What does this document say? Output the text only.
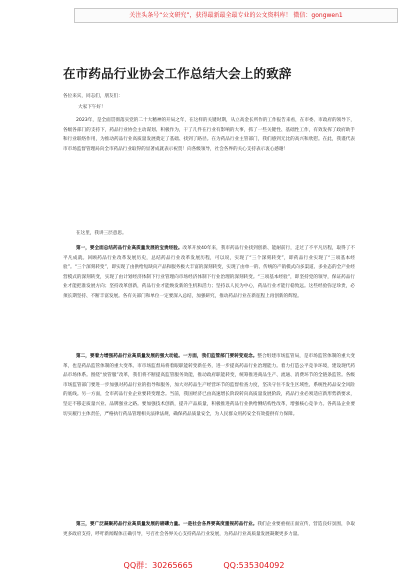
关注头条号“公文研究”，获得最新最全最专业的公文资料库！ 微信：gongwen1
在市药品行业协会工作总结大会上的致辞
各位来宾，同志们，朋友们：
大家下午好！
2023年，是全面贯彻落实党的二十大精神的开局之年，在这样的关键时期，从立高金长所作的工作报告来看，在市委、市政府的领导下，各级各部门的支持下，药品行业协会主动谋划、积极作为，干了几件在行业有影响的大事，抓了一些关键性、基础性工作，有效发挥了政府助手和行业联络作用，为推动药品行业高质量发展奠定了基础、找到了路径。在为药品行业主管部门，我们感到无比的高兴和欣慰。在此，我谨代表市市场监督管理局向全市药品行业取得的显著成就表示祝贺！向各级领导，社会各界的关心支持表示衷心感谢！
在这里，我讲三层意思。
第一，要全面总结药品行业高质量发展的宝贵经验。改革开放40年来，我市药品行业找到创新、能耐前行，走过了不平凡历程，取得了不平凡成就。回顾药品行业改革发展历史，总结药品行业改革发展历程，可以说，实现了“三个深刻转变”，即药品行业实现了“三项基本经验”。“三个深刻转变”，即实现了由供给短缺向产品和服务极大丰富的深刻转变，实现了由单一的、传统的产销模式向多渠道、多业态的全产业经营模式的深刻转变，实现了由计划经济体制下行业管理向市场经济体制下行业治理的深刻转变。“三项基本经验”，即坚持党的领导，保证药品行业才能把准发展方向；坚持改革创新，药品行业才能焕发新的生机和活力；坚持以人民为中心，药品行业才能行稳致远。这些经验弥足珍贵，必须长期坚持、不断丰富发展。各有关部门和单位一定要深入总结，加强研究，推动药品行业在新征程上再创新的辉煌。
第二，要着力增强药品行业高质量发展的强大动能。一方面，我们监管部门要转变观念。整合组建市场监管局，是市场监管体制的重大变革，也是药品监管体制的重大变革。市市场监督局将着眼职能转变新任务，进一步提高药品行业治理能力。着力打造公平竞争环境，建设现代药品市场体系。围绕“放管服”改革，我们将不断提高监管服务效能，推动政府职能转变，统筹推进商品生产、流通、消费环节的全链条监管。各级市场监管部门要进一步加强对药品行业的指导和服务，加大对药品生产经营环节的监督检查力度，坚决守住不发生区域性、系统性药品安全风险的底线。另一方面，全市药品行业企业要转变理念。当前，我国经济已由高速增长阶段转向高质量发展阶段，药品行业必须适应新形势新要求，坚定不移走质量兴业、品牌强业之路。要加强技术创新，提升产品质量，积极推进药品行业供给侧结构性改革，增强核心竞争力。各药品企业要切实履行主体责任，严格执行药品管理相关法律法规，确保药品质量安全，为人民群众用药安全有效提供有力保障。
第三，要广泛凝聚药品行业高质量发展的磅礴力量。一是社会各界要高度重视药品行业。我们企业要重视正面宣传，营造良好氛围，争取更多政府支持，呼吁新闻媒体正确引导，号召社会各界关心支持药品行业发展，为药品行业高质量发展凝聚更多力量。
QQ群：30265665	QQ:535304092
